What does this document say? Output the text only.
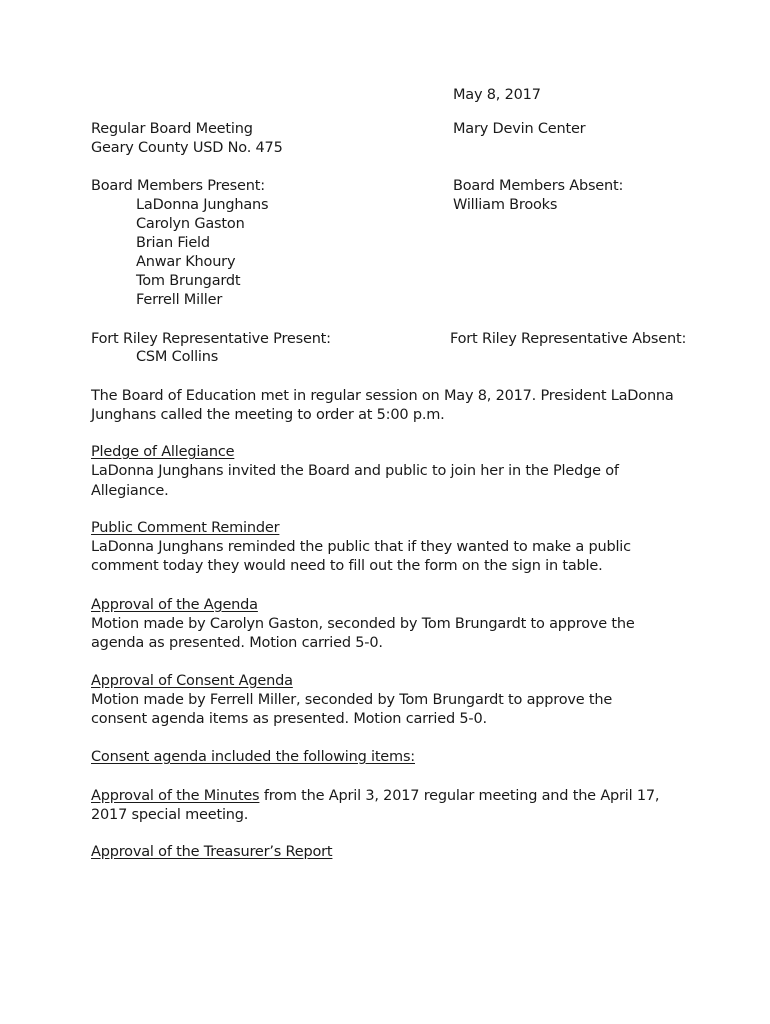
May 8, 2017
Regular Board Meeting	Mary Devin Center
Geary County USD No. 475
Board Members Present:	Board Members Absent:
LaDonna Junghans	William Brooks
Carolyn Gaston
Brian Field
Anwar Khoury
Tom Brungardt
Ferrell Miller
Fort Riley Representative Present:	Fort Riley Representative Absent:
CSM Collins
The Board of Education met in regular session on May 8, 2017. President LaDonna
Junghans called the meeting to order at 5:00 p.m.
Pledge of Allegiance
LaDonna Junghans invited the Board and public to join her in the Pledge of
Allegiance.
Public Comment Reminder
LaDonna Junghans reminded the public that if they wanted to make a public
comment today they would need to fill out the form on the sign in table.
Approval of the Agenda
Motion made by Carolyn Gaston, seconded by Tom Brungardt to approve the
agenda as presented. Motion carried 5-0.
Approval of Consent Agenda
Motion made by Ferrell Miller, seconded by Tom Brungardt to approve the
consent agenda items as presented. Motion carried 5-0.
Consent agenda included the following items:
Approval of the Minutes from the April 3, 2017 regular meeting and the April 17,
2017 special meeting.
Approval of the Treasurer’s Report
